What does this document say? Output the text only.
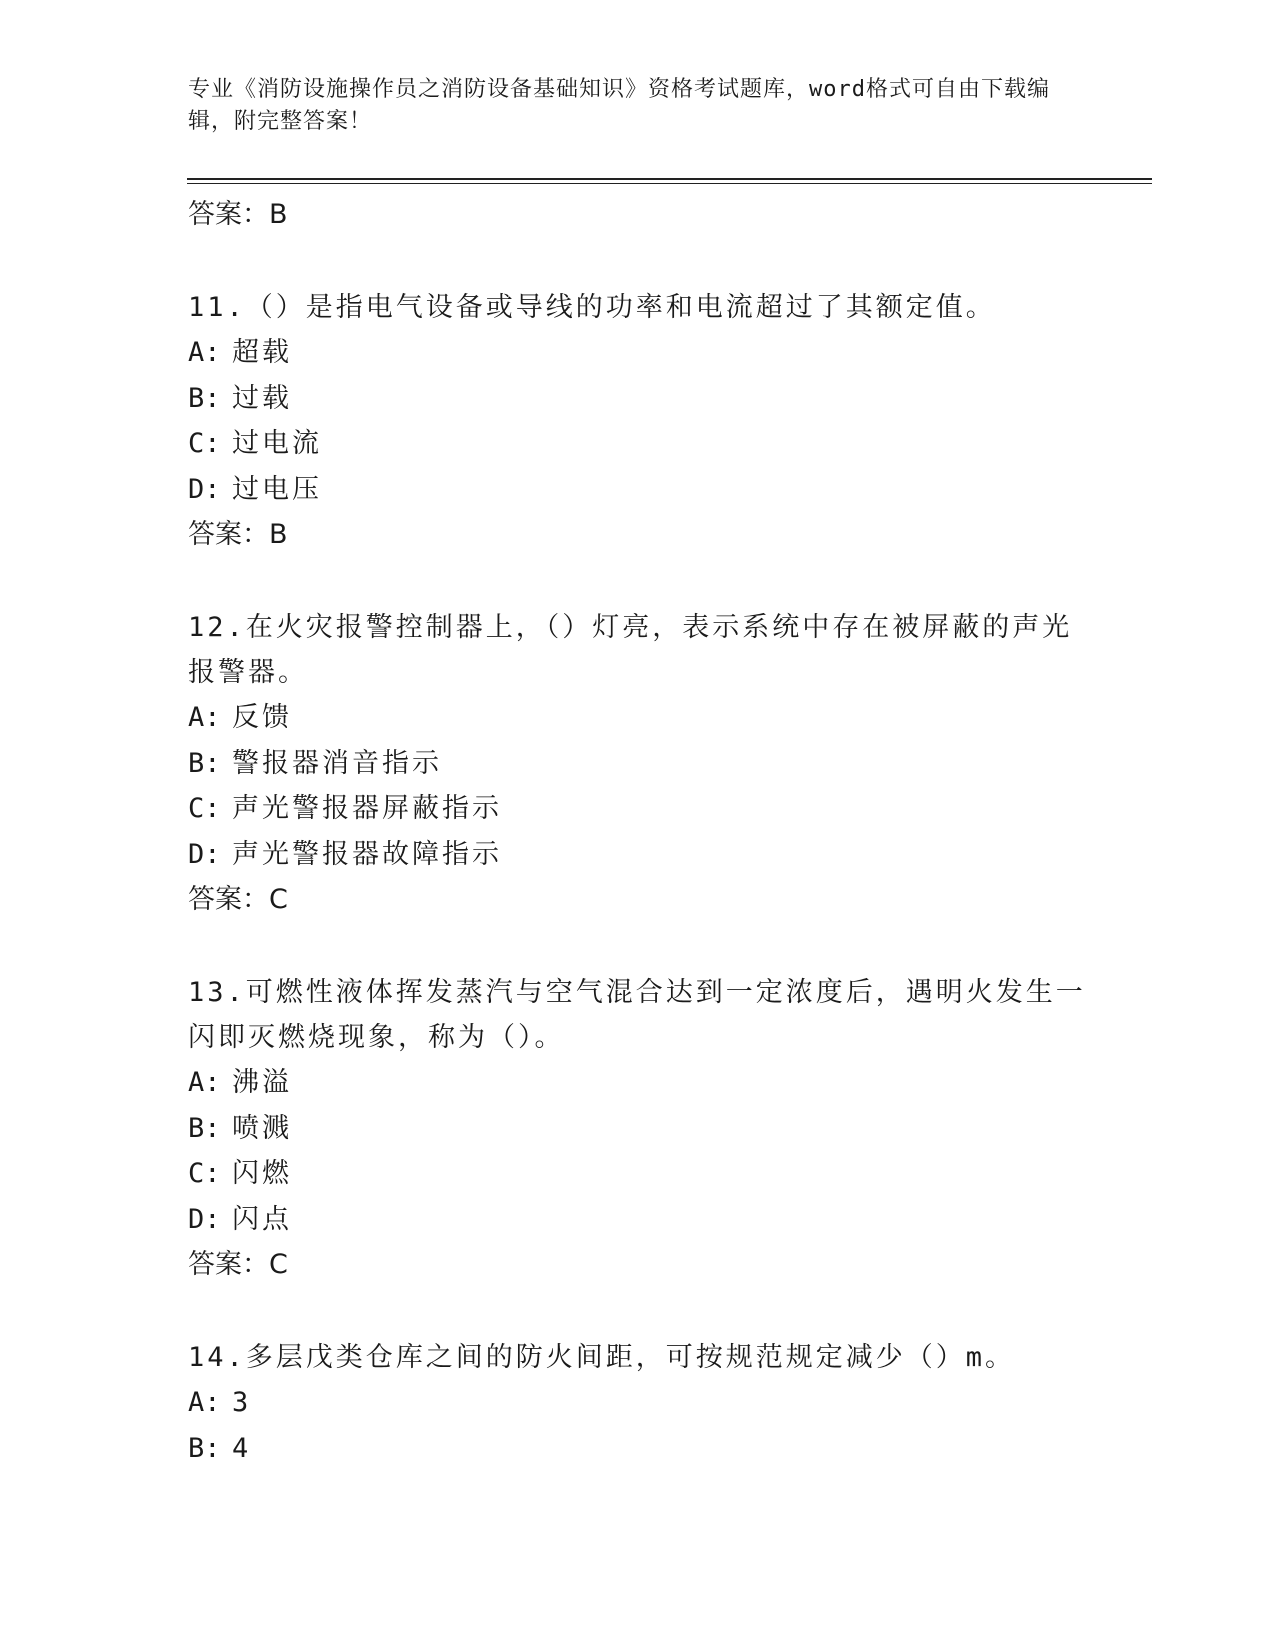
专业《消防设施操作员之消防设备基础知识》资格考试题库，word格式可自由下载编辑，附完整答案！
答案：B
11.（）是指电气设备或导线的功率和电流超过了其额定值。
A: 超载
B: 过载
C: 过电流
D: 过电压
答案：B
12.在火灾报警控制器上，（）灯亮，表示系统中存在被屏蔽的声光报警器。
A: 反馈
B: 警报器消音指示
C: 声光警报器屏蔽指示
D: 声光警报器故障指示
答案：C
13.可燃性液体挥发蒸汽与空气混合达到一定浓度后，遇明火发生一闪即灭燃烧现象，称为（）。
A: 沸溢
B: 喷溅
C: 闪燃
D: 闪点
答案：C
14.多层戊类仓库之间的防火间距，可按规范规定减少（）m。
A: 3
B: 4
